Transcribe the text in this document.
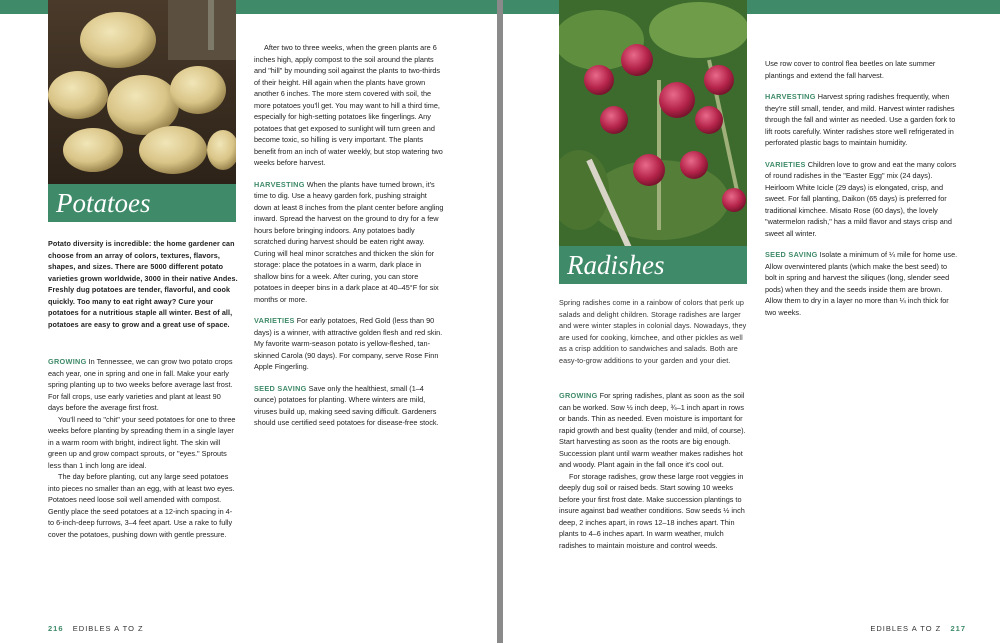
Potatoes

Potato diversity is incredible: the home gardener can choose from an array of colors, textures, flavors, shapes, and sizes. There are 5000 different potato varieties grown worldwide, 3000 in their native Andes. Freshly dug potatoes are tender, flavorful, and cook quickly. Too many to eat right away? Cure your potatoes for a nutritious staple all winter. Best of all, potatoes are easy to grow and a great use of space.

GROWING In Tennessee, we can grow two potato crops each year, one in spring and one in fall. Make your early spring planting up to two weeks before average last frost. For fall crops, use early varieties and plant at least 90 days before the average first frost.

You'll need to "chit" your seed potatoes for one to three weeks before planting by spreading them in a single layer in a warm room with bright, indirect light. The skin will green up and grow compact sprouts, or "eyes." Sprouts less than 1 inch long are ideal.

The day before planting, cut any large seed potatoes into pieces no smaller than an egg, with at least two eyes. Potatoes need loose soil well amended with compost. Gently place the seed potatoes at a 12-inch spacing in 4- to 6-inch-deep furrows, 3–4 feet apart. Use a rake to fully cover the potatoes, pushing down with gentle pressure.

After two to three weeks, when the green plants are 6 inches high, apply compost to the soil around the plants and "hill" by mounding soil against the plants to two-thirds of their height. Hill again when the plants have grown another 6 inches. The more stem covered with soil, the more potatoes you'll get. You may want to hill a third time, especially for high-setting potatoes like fingerlings. Any potatoes that get exposed to sunlight will turn green and become toxic, so hilling is very important. The plants benefit from an inch of water weekly, but stop watering two weeks before harvest.

HARVESTING When the plants have turned brown, it's time to dig. Use a heavy garden fork, pushing straight down at least 8 inches from the plant center before angling inward. Spread the harvest on the ground to dry for a few hours before bringing indoors. Any potatoes badly scratched during harvest should be eaten right away. Curing will heal minor scratches and thicken the skin for storage: place the potatoes in a warm, dark place in shallow bins for a week. After curing, you can store potatoes in deeper bins in a dark place at 40–45°F for six months or more.

VARIETIES For early potatoes, Red Gold (less than 90 days) is a winner, with attractive golden flesh and red skin. My favorite warm-season potato is yellow-fleshed, tan-skinned Carola (90 days). For company, serve Rose Finn Apple Fingerling.

SEED SAVING Save only the healthiest, small (1–4 ounce) potatoes for planting. Where winters are mild, viruses build up, making seed saving difficult. Gardeners should use certified seed potatoes for disease-free stock.

216 EDIBLES A TO Z
Radishes

Spring radishes come in a rainbow of colors that perk up salads and delight children. Storage radishes are larger and were winter staples in colonial days. Nowadays, they are used for cooking, kimchee, and other pickles as well as a crisp addition to sandwiches and salads. Both are easy-to-grow additions to your garden and your diet.

GROWING For spring radishes, plant as soon as the soil can be worked. Sow ½ inch deep, ¾–1 inch apart in rows or bands. Thin as needed. Even moisture is important for rapid growth and best quality (tender and mild, of course). Start harvesting as soon as the roots are big enough. Succession plant until warm weather makes radishes hot and woody. Plant again in the fall once it's cool out.

For storage radishes, grow these large root veggies in deeply dug soil or raised beds. Start sowing 10 weeks before your first frost date. Make succession plantings to insure against bad weather conditions. Sow seeds ½ inch deep, 2 inches apart, in rows 12–18 inches apart. Thin plants to 4–6 inches apart. In warm weather, mulch radishes to maintain moisture and control weeds.

Use row cover to control flea beetles on late summer plantings and extend the fall harvest.

HARVESTING Harvest spring radishes frequently, when they're still small, tender, and mild. Harvest winter radishes through the fall and winter as needed. Use a garden fork to lift roots carefully. Winter radishes store well refrigerated in perforated plastic bags to maintain humidity.

VARIETIES Children love to grow and eat the many colors of round radishes in the "Easter Egg" mix (24 days). Heirloom White Icicle (29 days) is elongated, crisp, and sweet. For fall planting, Daikon (65 days) is preferred for traditional kimchee. Misato Rose (60 days), the lovely "watermelon radish," has a mild flavor and stays crisp and sweet all winter.

SEED SAVING Isolate a minimum of ¼ mile for home use. Allow overwintered plants (which make the best seed) to bolt in spring and harvest the siliques (long, slender seed pods) when they and the seeds inside them are brown. Allow them to dry in a layer no more than ¼ inch thick for two weeks.

EDIBLES A TO Z 217
